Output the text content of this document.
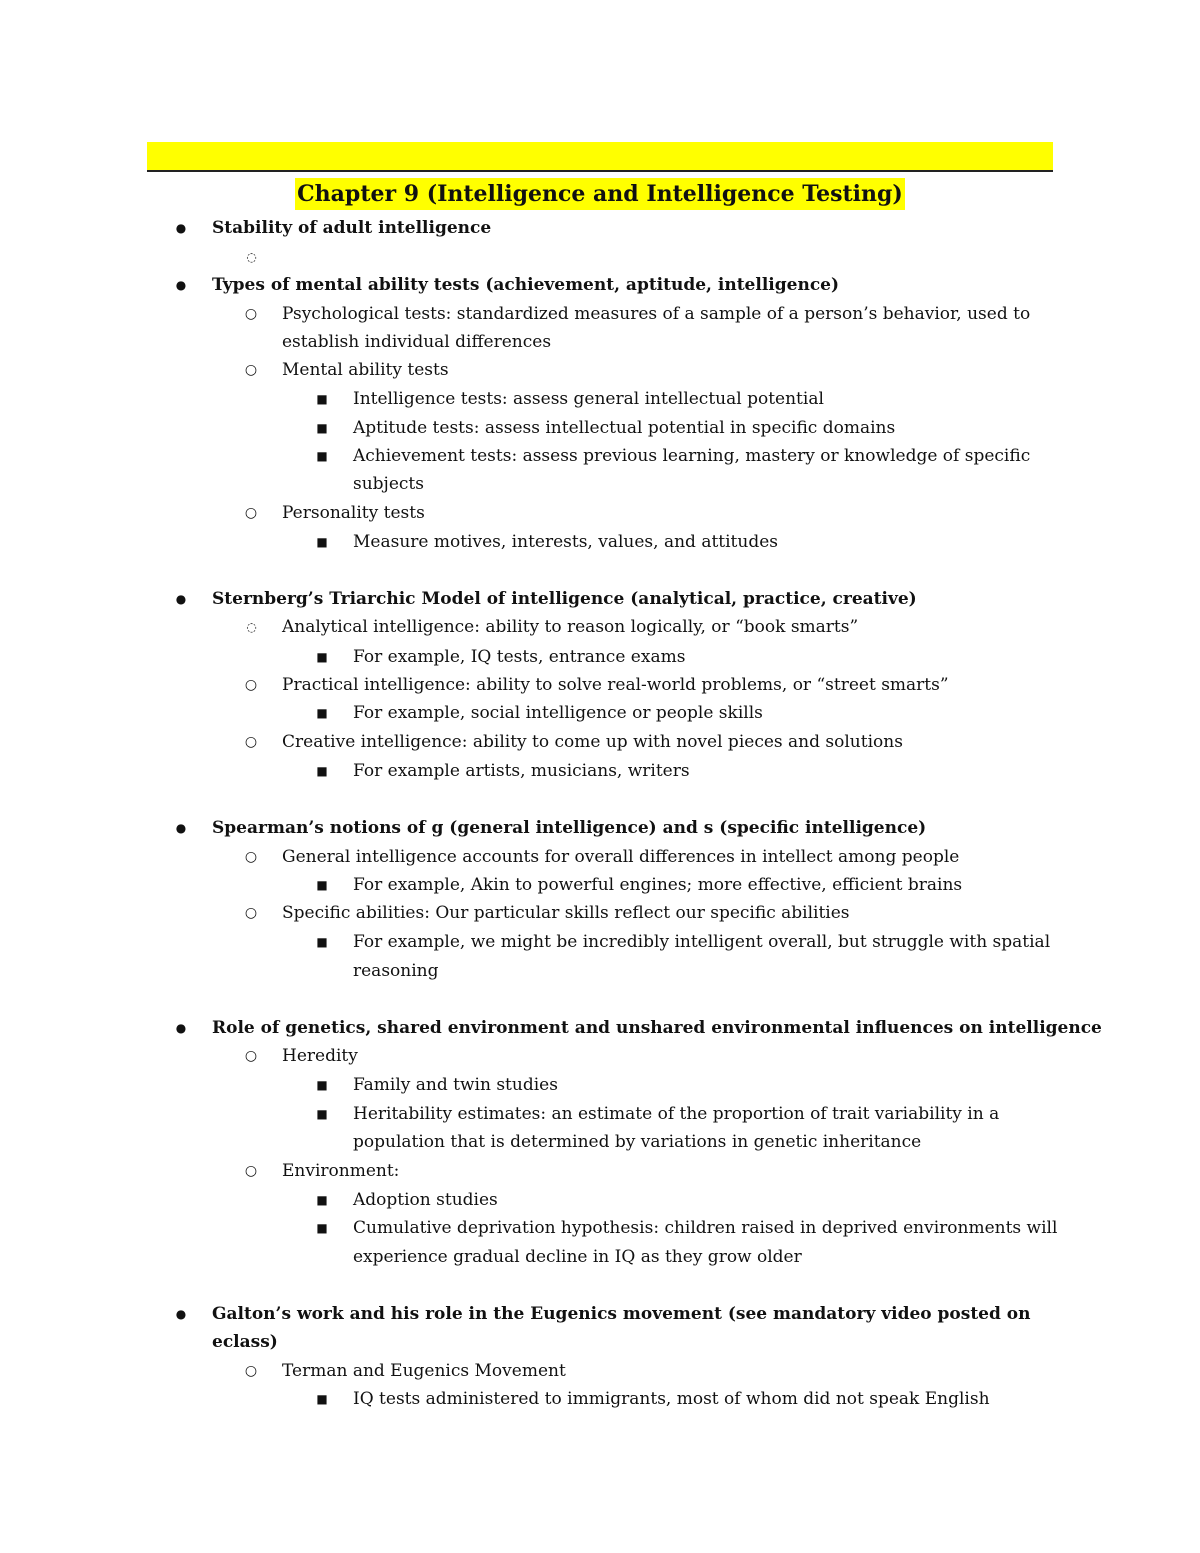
Chapter 9 (Intelligence and Intelligence Testing)
● Stability of adult intelligence
◌
● Types of mental ability tests (achievement, aptitude, intelligence)
○ Psychological tests: standardized measures of a sample of a person’s behavior, used to
establish individual differences
○ Mental ability tests
■ Intelligence tests: assess general intellectual potential
■ Aptitude tests: assess intellectual potential in specific domains
■ Achievement tests: assess previous learning, mastery or knowledge of specific
subjects
○ Personality tests
■ Measure motives, interests, values, and attitudes
● Sternberg’s Triarchic Model of intelligence (analytical, practice, creative)
◌ Analytical intelligence: ability to reason logically, or “book smarts”
■ For example, IQ tests, entrance exams
○ Practical intelligence: ability to solve real-world problems, or “street smarts”
■ For example, social intelligence or people skills
○ Creative intelligence: ability to come up with novel pieces and solutions
■ For example artists, musicians, writers
● Spearman’s notions of g (general intelligence) and s (specific intelligence)
○ General intelligence accounts for overall differences in intellect among people
■ For example, Akin to powerful engines; more effective, efficient brains
○ Specific abilities: Our particular skills reflect our specific abilities
■ For example, we might be incredibly intelligent overall, but struggle with spatial
reasoning
● Role of genetics, shared environment and unshared environmental influences on intelligence
○ Heredity
■ Family and twin studies
■ Heritability estimates: an estimate of the proportion of trait variability in a
population that is determined by variations in genetic inheritance
○ Environment:
■ Adoption studies
■ Cumulative deprivation hypothesis: children raised in deprived environments will
experience gradual decline in IQ as they grow older
● Galton’s work and his role in the Eugenics movement (see mandatory video posted on
eclass)
○ Terman and Eugenics Movement
■ IQ tests administered to immigrants, most of whom did not speak English
